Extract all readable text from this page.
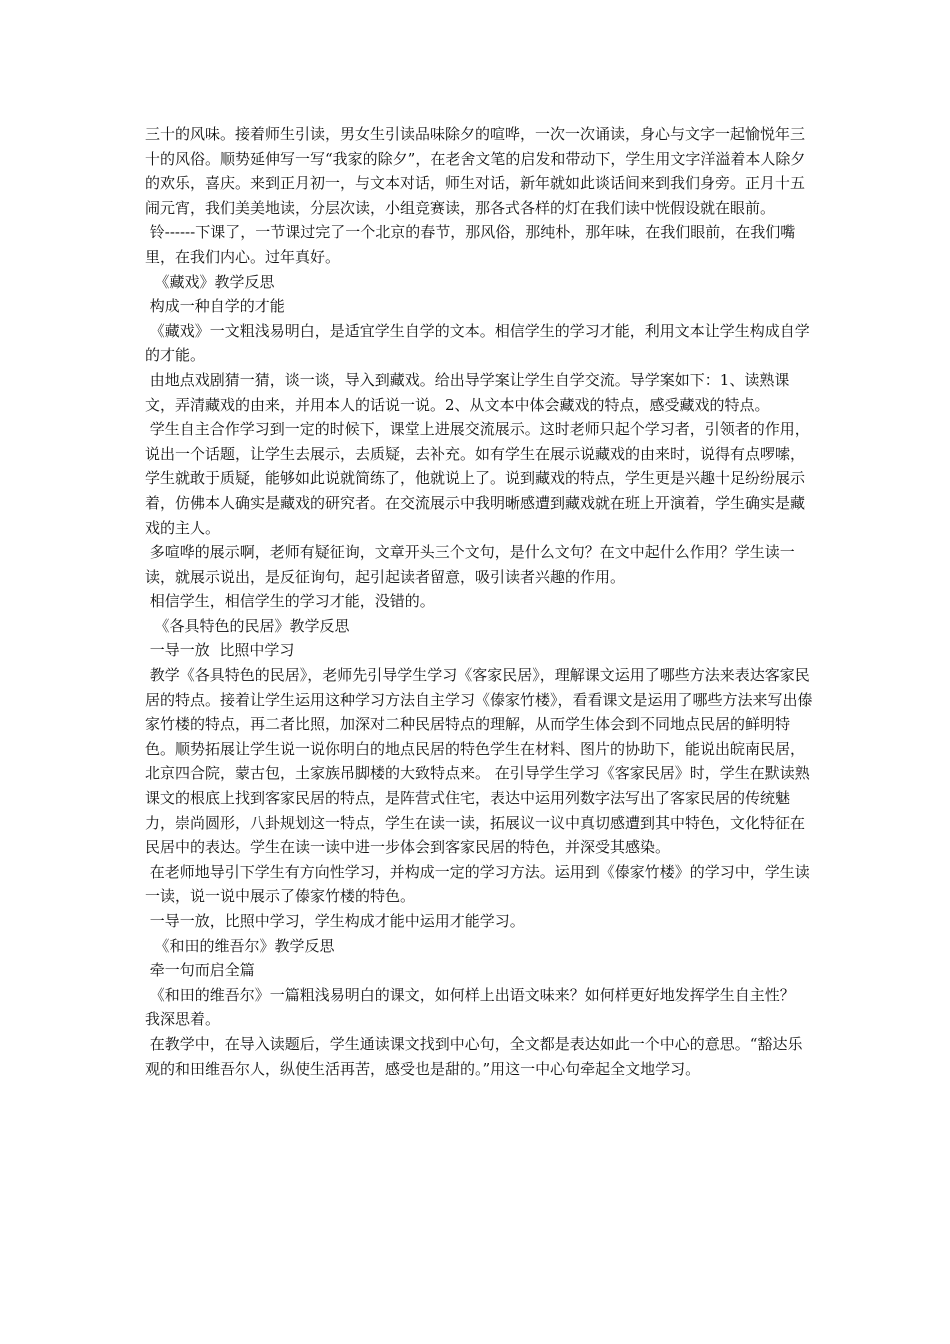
三十的风味。接着师生引读，男女生引读品味除夕的喧哗，一次一次诵读，身心与文字一起愉悦年三十的风俗。顺势延伸写一写“我家的除夕”，在老舍文笔的启发和带动下，学生用文字洋溢着本人除夕的欢乐，喜庆。来到正月初一，与文本对话，师生对话，新年就如此谈话间来到我们身旁。正月十五闹元宵，我们美美地读，分层次读，小组竞赛读，那各式各样的灯在我们读中恍假设就在眼前。

铃------下课了，一节课过完了一个北京的春节，那风俗，那纯朴，那年味，在我们眼前，在我们嘴里，在我们内心。过年真好。

《藏戏》教学反思

构成一种自学的才能

《藏戏》一文粗浅易明白，是适宜学生自学的文本。相信学生的学习才能，利用文本让学生构成自学的才能。

由地点戏剧猜一猜，谈一谈，导入到藏戏。给出导学案让学生自学交流。导学案如下：1、读熟课文，弄清藏戏的由来，并用本人的话说一说。2、从文本中体会藏戏的特点，感受藏戏的特点。

学生自主合作学习到一定的时候下，课堂上进展交流展示。这时老师只起个学习者，引领者的作用，说出一个话题，让学生去展示，去质疑，去补充。如有学生在展示说藏戏的由来时，说得有点啰嗦，学生就敢于质疑，能够如此说就简练了，他就说上了。说到藏戏的特点，学生更是兴趣十足纷纷展示着，仿佛本人确实是藏戏的研究者。在交流展示中我明晰感遭到藏戏就在班上开演着，学生确实是藏戏的主人。

多喧哗的展示啊，老师有疑征询，文章开头三个文句，是什么文句？在文中起什么作用？学生读一读，就展示说出，是反征询句，起引起读者留意，吸引读者兴趣的作用。

相信学生，相信学生的学习才能，没错的。

《各具特色的民居》教学反思

一导一放  比照中学习

教学《各具特色的民居》，老师先引导学生学习《客家民居》，理解课文运用了哪些方法来表达客家民居的特点。接着让学生运用这种学习方法自主学习《傣家竹楼》，看看课文是运用了哪些方法来写出傣家竹楼的特点，再二者比照，加深对二种民居特点的理解，从而学生体会到不同地点民居的鲜明特色。顺势拓展让学生说一说你明白的地点民居的特色学生在材料、图片的协助下，能说出皖南民居，北京四合院，蒙古包，土家族吊脚楼的大致特点来。 在引导学生学习《客家民居》时，学生在默读熟课文的根底上找到客家民居的特点，是阵营式住宅，表达中运用列数字法写出了客家民居的传统魅力，崇尚圆形，八卦规划这一特点，学生在读一读，拓展议一议中真切感遭到其中特色，文化特征在民居中的表达。学生在读一读中进一步体会到客家民居的特色，并深受其感染。

在老师地导引下学生有方向性学习，并构成一定的学习方法。运用到《傣家竹楼》的学习中，学生读一读，说一说中展示了傣家竹楼的特色。

一导一放，比照中学习，学生构成才能中运用才能学习。

《和田的维吾尔》教学反思

牵一句而启全篇

《和田的维吾尔》一篇粗浅易明白的课文，如何样上出语文味来？如何样更好地发挥学生自主性？

我深思着。

在教学中，在导入读题后，学生通读课文找到中心句，全文都是表达如此一个中心的意思。“豁达乐观的和田维吾尔人，纵使生活再苦，感受也是甜的。”用这一中心句牵起全文地学习。
